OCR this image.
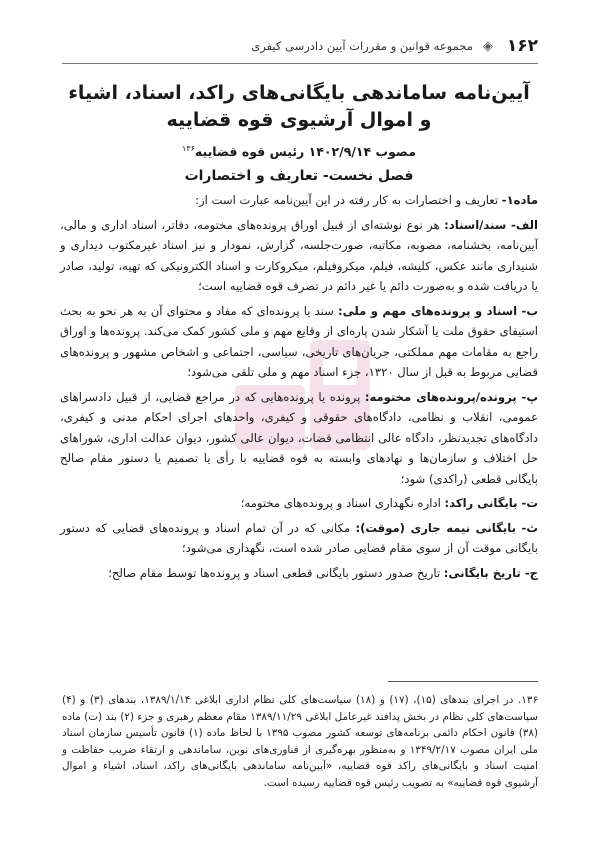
۱۶۲
◈
مجموعه قوانین و مقررات آیین دادرسی کیفری
آیین‌نامه ساماندهی بایگانی‌های راکد، اسناد، اشیاء و اموال آرشیوی قوه قضاییه
مصوب ۱۴۰۲/۹/۱۴ رئیس قوه قضاییه$^{۱۳۶}$
فصل نخست- تعاریف و اختصارات

ماده۱- تعاریف و اختصارات به کار رفته در این آیین‌نامه عبارت است از:

الف- سند/اسناد: هر نوع نوشته‌ای از قبیل اوراق پرونده‌های مختومه، دفاتر، اسناد اداری و مالی، آیین‌نامه، بخشنامه، مصوبه، مکاتبه، صورت‌جلسه، گزارش، نمودار و نیز اسناد غیرمکتوب دیداری و شنیداری مانند عکس، کلیشه، فیلم، میکروفیلم، میکروکارت و اسناد الکترونیکی که تهیه، تولید، صادر یا دریافت شده و به‌صورت دائم یا غیر دائم در تصرف قوه قضاییه است؛

ب- اسناد و پرونده‌های مهم و ملی: سند یا پرونده‌ای که مفاد و محتوای آن به هر نحو به بحث استیفای حقوق ملت یا آشکار شدن پاره‌ای از وقایع مهم و ملی کشور کمک می‌کند. پرونده‌ها و اوراق راجع به مقامات مهم مملکتی، جریان‌های تاریخی، سیاسی، اجتماعی و اشخاص مشهور و پرونده‌های قضایی مربوط به قبل از سال ۱۳۲۰، جزء اسناد مهم و ملی تلقی می‌شود؛

پ- پرونده/پرونده‌های مختومه: پرونده یا پرونده‌هایی که در مراجع قضایی، از قبیل دادسراهای عمومی، انقلاب و نظامی، دادگاه‌های حقوقی و کیفری، واحدهای اجرای احکام مدنی و کیفری، دادگاه‌های تجدیدنظر، دادگاه عالی انتظامی قضات، دیوان عالی کشور، دیوان عدالت اداری، شوراهای حل اختلاف و سازمان‌ها و نهادهای وابسته به قوه قضاییه با رأی یا تصمیم یا دستور مقام صالح بایگانی قطعی (راکدی) شود؛

ت- بایگانی راکد: اداره نگهداری اسناد و پرونده‌های مختومه؛

ث- بایگانی نیمه جاری (موقت): مکانی که در آن تمام اسناد و پرونده‌های قضایی که دستور بایگانی موقت آن از سوی مقام قضایی صادر شده است، نگهداری می‌شود؛

ج- تاریخ بایگانی: تاریخ صدور دستور بایگانی قطعی اسناد و پرونده‌ها توسط مقام صالح؛

۱۳۶. در اجرای بندهای (۱۵)، (۱۷) و (۱۸) سیاست‌های کلی نظام اداری ابلاغی ۱۳۸۹/۱/۱۴، بندهای (۳) و (۴) سیاست‌های کلی نظام در بخش پدافند غیرعامل ابلاغی ۱۳۸۹/۱۱/۲۹ مقام معظم رهبری و جزء (۲) بند (ت) ماده (۳۸) قانون احکام دائمی برنامه‌های توسعه کشور مصوب ۱۳۹۵ با لحاظ ماده (۱) قانون تأسیس سازمان اسناد ملی ایران مصوب ۱۳۴۹/۲/۱۷ و به‌منظور بهره‌گیری از فناوری‌های نوین، ساماندهی و ارتقاء ضریب حفاظت و امنیت اسناد و بایگانی‌های راکد قوه قضاییه، «آیین‌نامه ساماندهی بایگانی‌های راکد، اسناد، اشیاء و اموال آرشیوی قوه قضاییه» به تصویب رئیس قوه قضاییه رسیده است.
